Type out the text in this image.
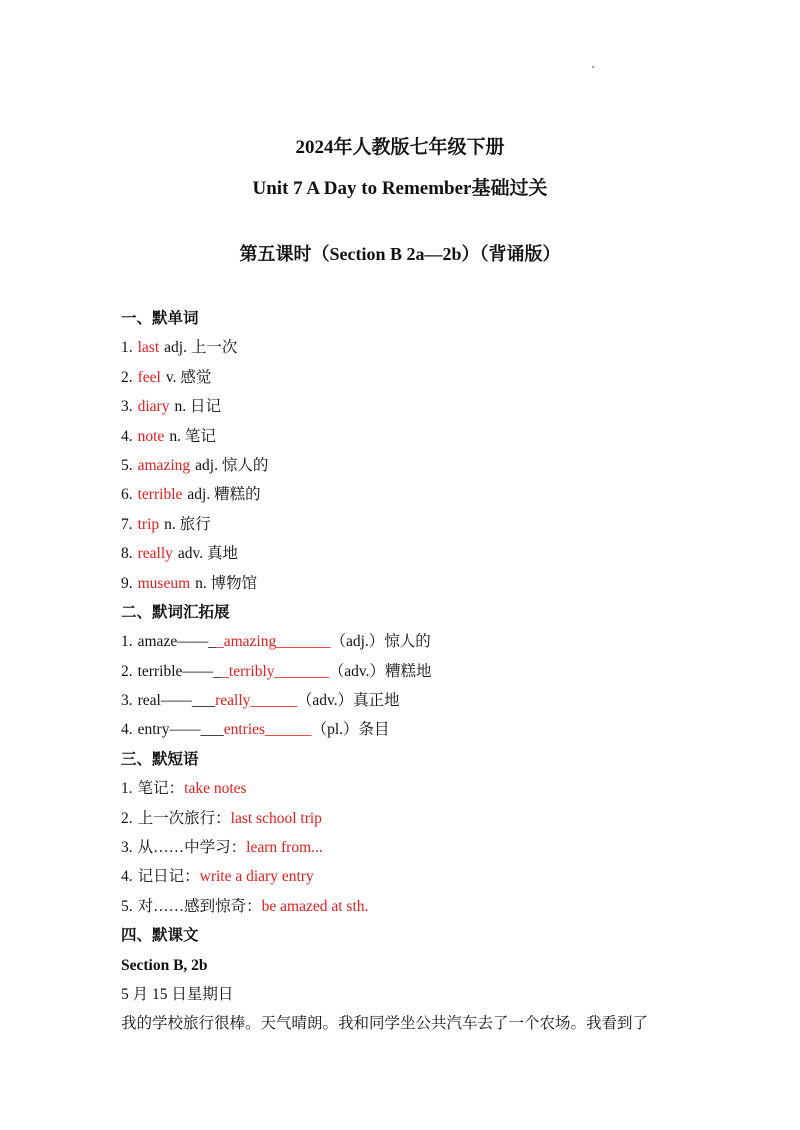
2024年人教版七年级下册
Unit 7 A Day to Remember基础过关
第五课时（Section B 2a—2b）（背诵版）
一、默单词
1. last adj. 上一次
2. feel v. 感觉
3. diary n. 日记
4. note n. 笔记
5. amazing adj. 惊人的
6. terrible adj. 糟糕的
7. trip n. 旅行
8. really adv. 真地
9. museum n. 博物馆
二、默词汇拓展
1. amaze——__amazing_______（adj.）惊人的
2. terrible——__terribly_______（adv.）糟糕地
3. real——___really______（adv.）真正地
4. entry——___entries______（pl.）条目
三、默短语
1. 笔记：take notes
2. 上一次旅行：last school trip
3. 从……中学习：learn from...
4. 记日记：write a diary entry
5. 对……感到惊奇：be amazed at sth.
四、默课文
Section B, 2b
5 月 15 日星期日
我的学校旅行很棒。天气晴朗。我和同学坐公共汽车去了一个农场。我看到了
